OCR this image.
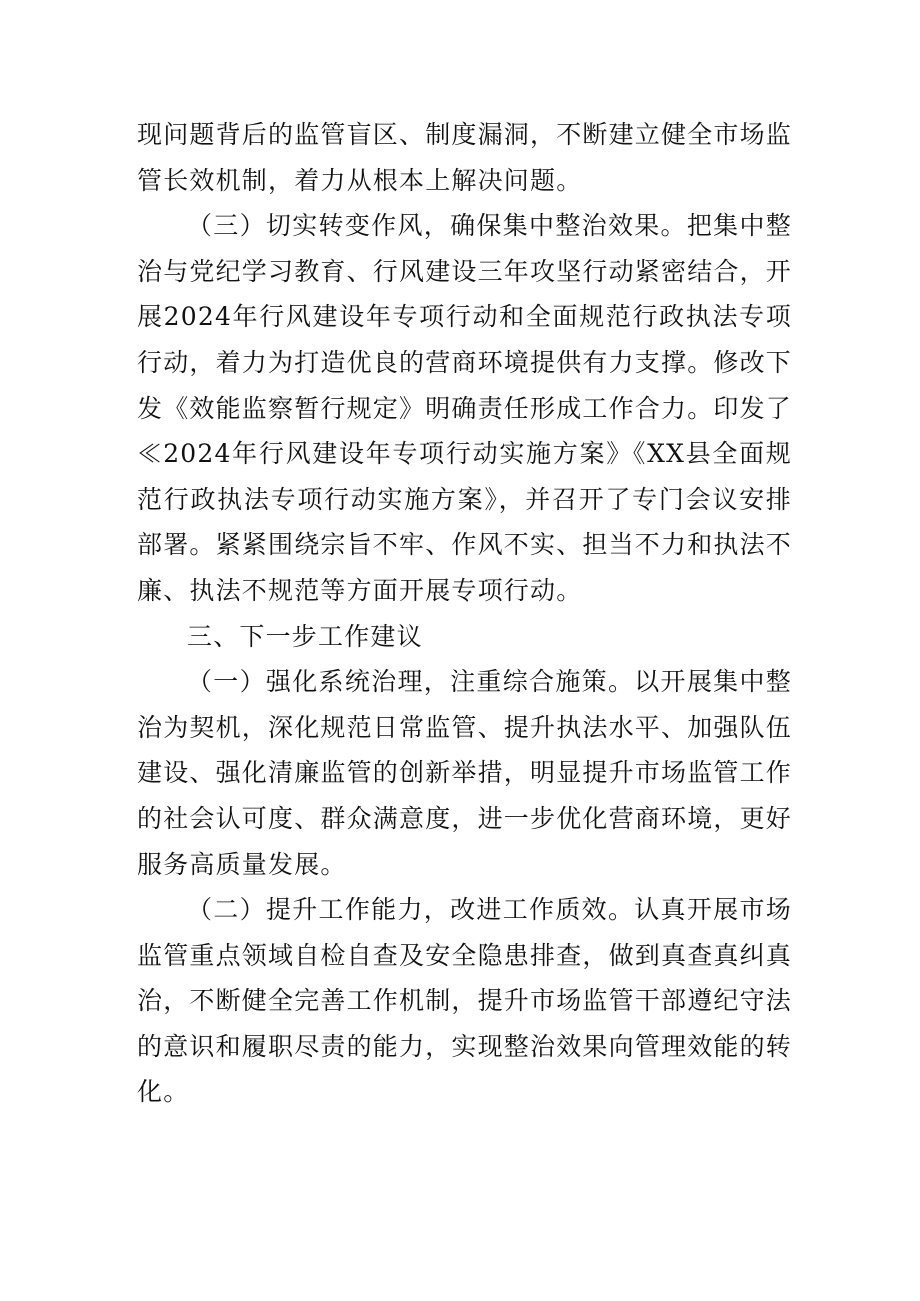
现问题背后的监管盲区、制度漏洞，不断建立健全市场监管长效机制，着力从根本上解决问题。

（三）切实转变作风，确保集中整治效果。把集中整治与党纪学习教育、行风建设三年攻坚行动紧密结合，开展2024年行风建设年专项行动和全面规范行政执法专项行动，着力为打造优良的营商环境提供有力支撑。修改下发《效能监察暂行规定》明确责任形成工作合力。印发了≪2024年行风建设年专项行动实施方案》《XX县全面规范行政执法专项行动实施方案》，并召开了专门会议安排部署。紧紧围绕宗旨不牢、作风不实、担当不力和执法不廉、执法不规范等方面开展专项行动。

三、下一步工作建议

（一）强化系统治理，注重综合施策。以开展集中整治为契机，深化规范日常监管、提升执法水平、加强队伍建设、强化清廉监管的创新举措，明显提升市场监管工作的社会认可度、群众满意度，进一步优化营商环境，更好服务高质量发展。

（二）提升工作能力，改进工作质效。认真开展市场监管重点领域自检自查及安全隐患排查，做到真查真纠真治，不断健全完善工作机制，提升市场监管干部遵纪守法的意识和履职尽责的能力，实现整治效果向管理效能的转化。
